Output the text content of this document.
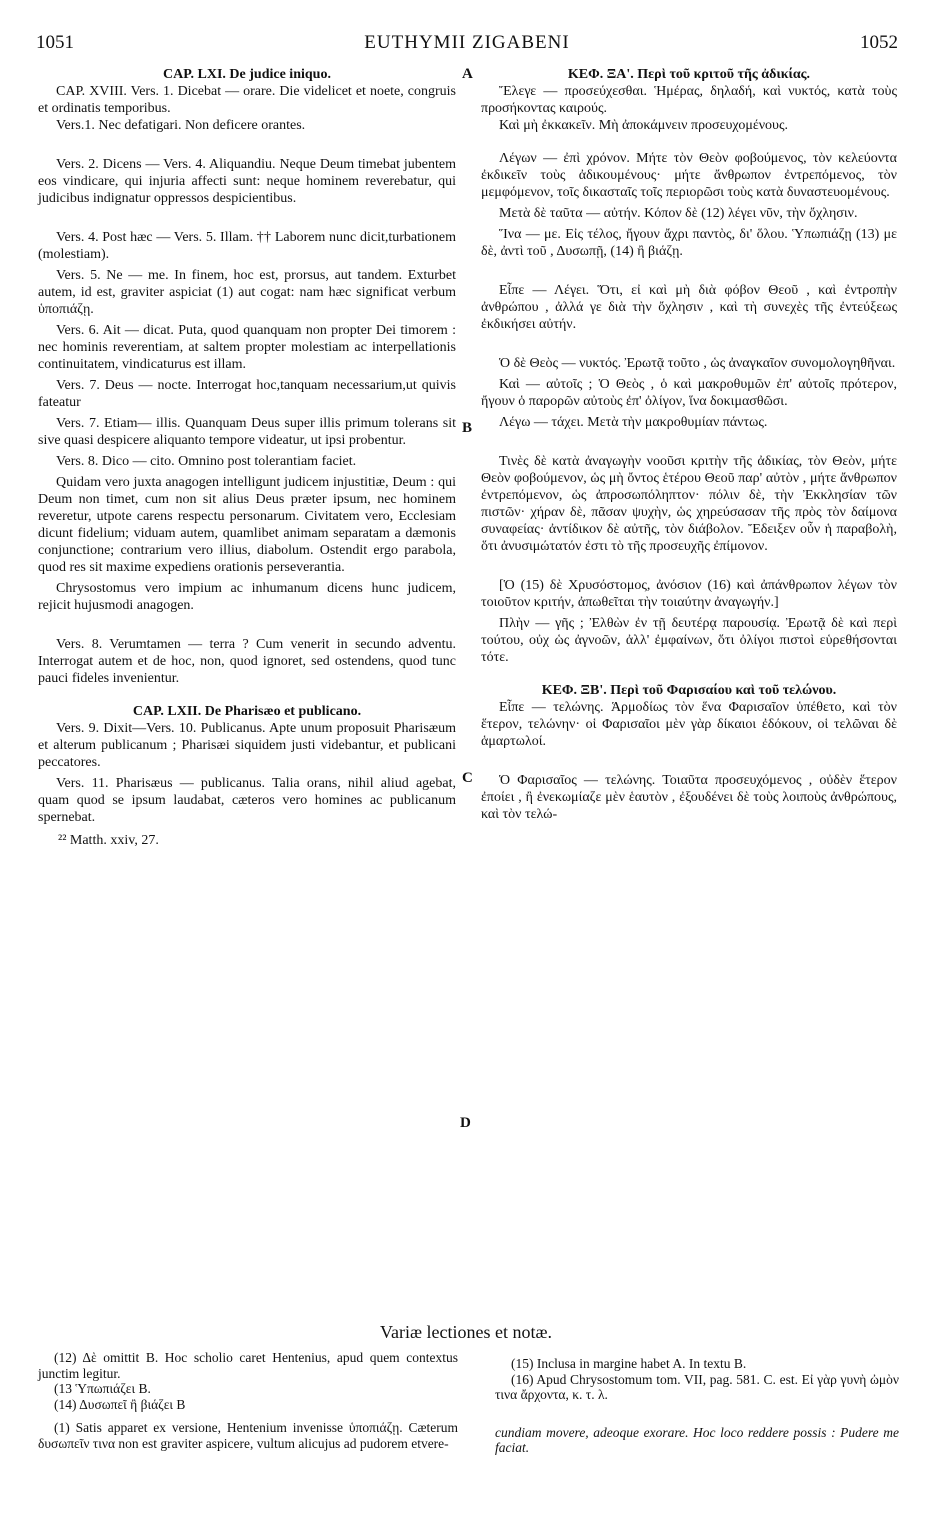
1051	EUTHYMII ZIGABENI	1052
A
B
C
D

CAP. LXI. De judice iniquo.

CAP. XVIII. Vers. 1. Dicebat — orare. Die videlicet et noete, congruis et ordinatis temporibus.

Vers.1. Nec defatigari. Non deficere orantes.

Vers. 2. Dicens — Vers. 4. Aliquandiu. Neque Deum timebat jubentem eos vindicare, qui injuria affecti sunt: neque hominem reverebatur, qui judicibus indignatur oppressos despicientibus.

Vers. 4. Post hæc — Vers. 5. Illam. †† Laborem nunc dicit,turbationem (molestiam).

Vers. 5. Ne — me. In finem, hoc est, prorsus, aut tandem. Exturbet autem, id est, graviter aspiciat (1) aut cogat: nam hæc significat verbum ὑποπιάζῃ.

Vers. 6. Ait — dicat. Puta, quod quanquam non propter Dei timorem : nec hominis reverentiam, at saltem propter molestiam ac interpellationis continuitatem, vindicaturus est illam.

Vers. 7. Deus — nocte. Interrogat hoc,tanquam necessarium,ut quivis fateatur

Vers. 7. Etiam— illis. Quanquam Deus super illis primum tolerans sit sive quasi despicere aliquanto tempore videatur, ut ipsi probentur.

Vers. 8. Dico — cito. Omnino post tolerantiam faciet.

Quidam vero juxta anagogen intelligunt judicem injustitiæ, Deum : qui Deum non timet, cum non sit alius Deus præter ipsum, nec hominem reveretur, utpote carens respectu personarum. Civitatem vero, Ecclesiam dicunt fidelium; viduam autem, quamlibet animam separatam a dæmonis conjunctione; contrarium vero illius, diabolum. Ostendit ergo parabola, quod res sit maxime expediens orationis perseverantia.

Chrysostomus vero impium ac inhumanum dicens hunc judicem, rejicit hujusmodi anagogen.

Vers. 8. Verumtamen — terra ? Cum venerit in secundo adventu. Interrogat autem et de hoc, non, quod ignoret, sed ostendens, quod tunc pauci fideles invenientur.

CAP. LXII. De Pharisæo et publicano.

Vers. 9. Dixit—Vers. 10. Publicanus. Apte unum proposuit Pharisæum et alterum publicanum ; Pharisæi siquidem justi videbantur, et publicani peccatores.

Vers. 11. Pharisæus — publicanus. Talia orans, nihil aliud agebat, quam quod se ipsum laudabat, cæteros vero homines ac publicanum spernebat.

²² Matth. xxiv, 27.

ΚΕΦ. ΞΑ'. Περὶ τοῦ κριτοῦ τῆς ἀδικίας.

Ἔλεγε — προσεύχεσθαι. Ἡμέρας, δηλαδή, καὶ νυκτός, κατὰ τοὺς προσήκοντας καιρούς.

Καὶ μὴ ἐκκακεῖν. Μὴ ἀποκάμνειν προσευχομένους.

Λέγων — ἐπὶ χρόνον. Μήτε τὸν Θεὸν φοβούμενος, τὸν κελεύοντα ἐκδικεῖν τοὺς ἀδικουμένους· μήτε ἄνθρωπον ἐντρεπόμενος, τὸν μεμφόμενον, τοῖς δικασταῖς τοῖς περιορῶσι τοὺς κατὰ δυναστευομένους.

Μετὰ δὲ ταῦτα — αὐτήν. Κόπον δὲ (12) λέγει νῦν, τὴν ὄχλησιν.

Ἵνα — με. Εἰς τέλος, ἤγουν ἄχρι παντὸς, δι' ὅλου. Ὑπωπιάζῃ (13) με δὲ, ἀντὶ τοῦ , Δυσωπῇ, (14) ἢ βιάζῃ.

Εἶπε — Λέγει. Ὅτι, εἰ καὶ μὴ διὰ φόβον Θεοῦ , καὶ ἐντροπὴν ἀνθρώπου , ἀλλά γε διὰ τὴν ὄχλησιν , καὶ τὴ συνεχὲς τῆς ἐντεύξεως ἐκδικήσει αὐτήν.

Ὁ δὲ Θεὸς — νυκτός. Ἐρωτᾷ τοῦτο , ὡς ἀναγκαῖον συνομολογηθῆναι.

Καὶ — αὐτοῖς ; Ὁ Θεὸς , ὁ καὶ μακροθυμῶν ἐπ' αὐτοῖς πρότερον, ἤγουν ὁ παρορῶν αὐτοὺς ἐπ' ὀλίγον, ἵνα δοκιμασθῶσι.

Λέγω — τάχει. Μετὰ τὴν μακροθυμίαν πάντως.

Τινὲς δὲ κατὰ ἀναγωγὴν νοοῦσι κριτὴν τῆς ἀδικίας, τὸν Θεὸν, μήτε Θεὸν φοβούμενον, ὡς μὴ ὄντος ἑτέρου Θεοῦ παρ' αὐτὸν , μήτε ἄνθρωπον ἐντρεπόμενον, ὡς ἀπροσωπόληπτον· πόλιν δὲ, τὴν Ἐκκλησίαν τῶν πιστῶν· χήραν δὲ, πᾶσαν ψυχὴν, ὡς χηρεύσασαν τῆς πρὸς τὸν δαίμονα συναφείας· ἀντίδικον δὲ αὐτῆς, τὸν διάβολον. Ἔδειξεν οὖν ἡ παραβολὴ, ὅτι ἀνυσιμώτατόν ἐστι τὸ τῆς προσευχῆς ἐπίμονον.

[Ὁ (15) δὲ Χρυσόστομος, ἀνόσιον (16) καὶ ἀπάνθρωπον λέγων τὸν τοιοῦτον κριτήν, ἀπωθεῖται τὴν τοιαύτην ἀναγωγήν.]

Πλὴν — γῆς ; Ἐλθὼν ἐν τῇ δευτέρᾳ παρουσίᾳ. Ἐρωτᾷ δὲ καὶ περὶ τούτου, οὐχ ὡς ἀγνοῶν, ἀλλ' ἐμφαίνων, ὅτι ὀλίγοι πιστοὶ εὑρεθήσονται τότε.

ΚΕΦ. ΞΒ'. Περὶ τοῦ Φαρισαίου καὶ τοῦ τελώνου.

Εἶπε — τελώνης. Ἁρμοδίως τὸν ἕνα Φαρισαῖον ὑπέθετο, καὶ τὸν ἕτερον, τελώνην· οἱ Φαρισαῖοι μὲν γὰρ δίκαιοι ἐδόκουν, οἱ τελῶναι δὲ ἁμαρτωλοί.

Ὁ Φαρισαῖος — τελώνης. Τοιαῦτα προσευχόμενος , οὐδὲν ἕτερον ἐποίει , ἢ ἐνεκωμίαζε μὲν ἑαυτὸν , ἐξουδένει δὲ τοὺς λοιποὺς ἀνθρώπους, καὶ τὸν τελώ-

Variæ lectiones et notæ.

(12) Δὲ omittit B. Hoc scholio caret Hentenius, apud quem contextus junctim legitur.

(13 Ὑπωπιάζει B.

(14) Δυσωπεῖ ἢ βιάζει B

(1) Satis apparet ex versione, Hentenium invenisse ὑποπιάζῃ. Cæterum δυσωπεῖν τινα non est graviter aspicere, vultum alicujus ad pudorem etvere-

(15) Inclusa in margine habet A. In textu B.

(16) Apud Chrysostomum tom. VII, pag. 581. C. est. Εἰ γὰρ γυνὴ ὠμὸν τινα ἄρχοντα, κ. τ. λ.

cundiam movere, adeoque exorare. Hoc loco reddere possis : Pudere me faciat.
